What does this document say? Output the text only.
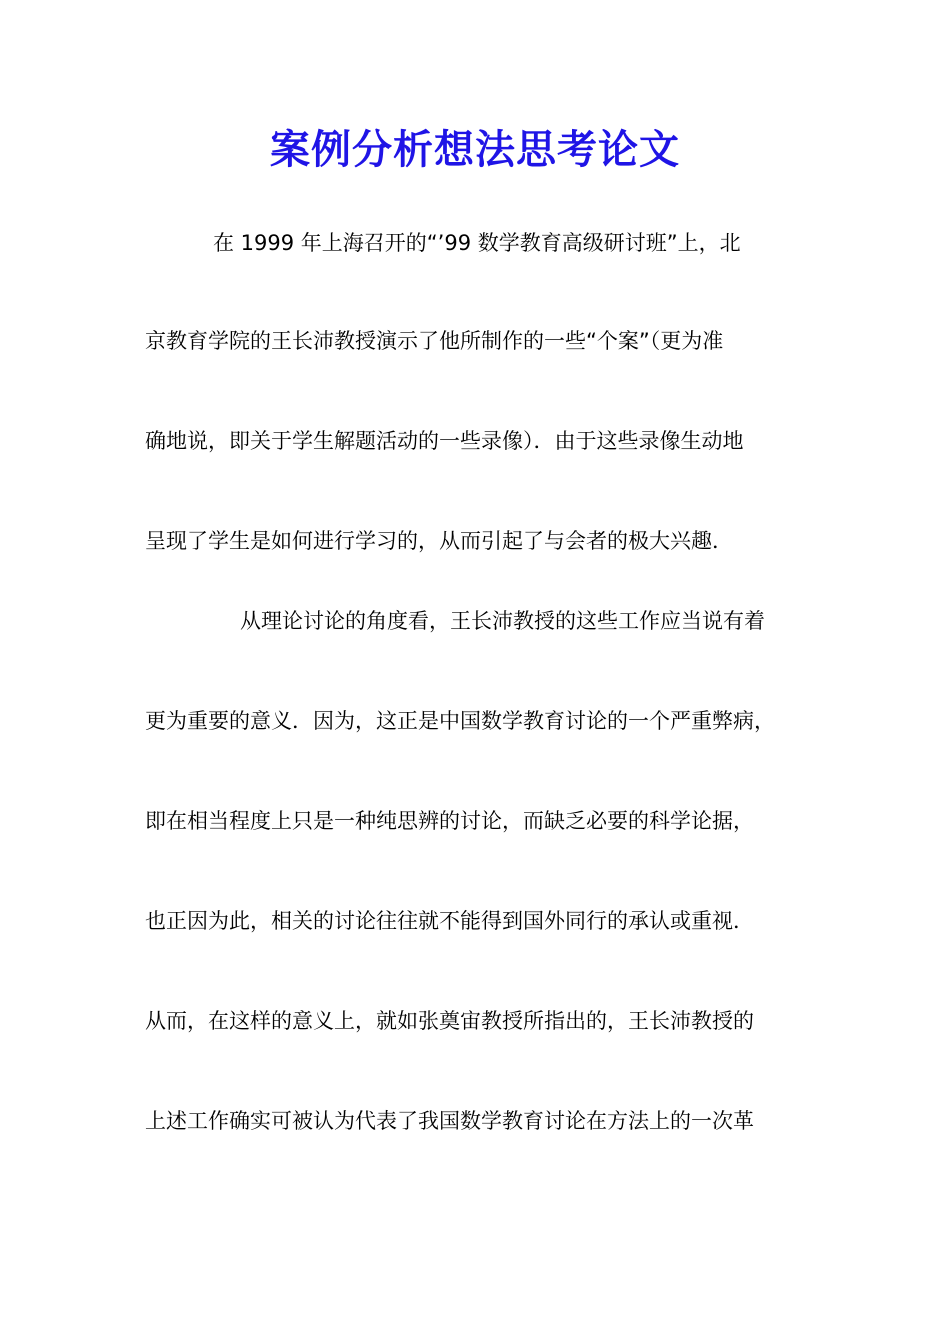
案例分析想法思考论文
在 1999 年上海召开的“’99 数学教育高级研讨班”上，北
京教育学院的王长沛教授演示了他所制作的一些“个案”（更为准
确地说，即关于学生解题活动的一些录像）．由于这些录像生动地
呈现了学生是如何进行学习的，从而引起了与会者的极大兴趣．
从理论讨论的角度看，王长沛教授的这些工作应当说有着
更为重要的意义．因为，这正是中国数学教育讨论的一个严重弊病，
即在相当程度上只是一种纯思辨的讨论，而缺乏必要的科学论据，
也正因为此，相关的讨论往往就不能得到国外同行的承认或重视．
从而，在这样的意义上，就如张奠宙教授所指出的，王长沛教授的
上述工作确实可被认为代表了我国数学教育讨论在方法上的一次革
